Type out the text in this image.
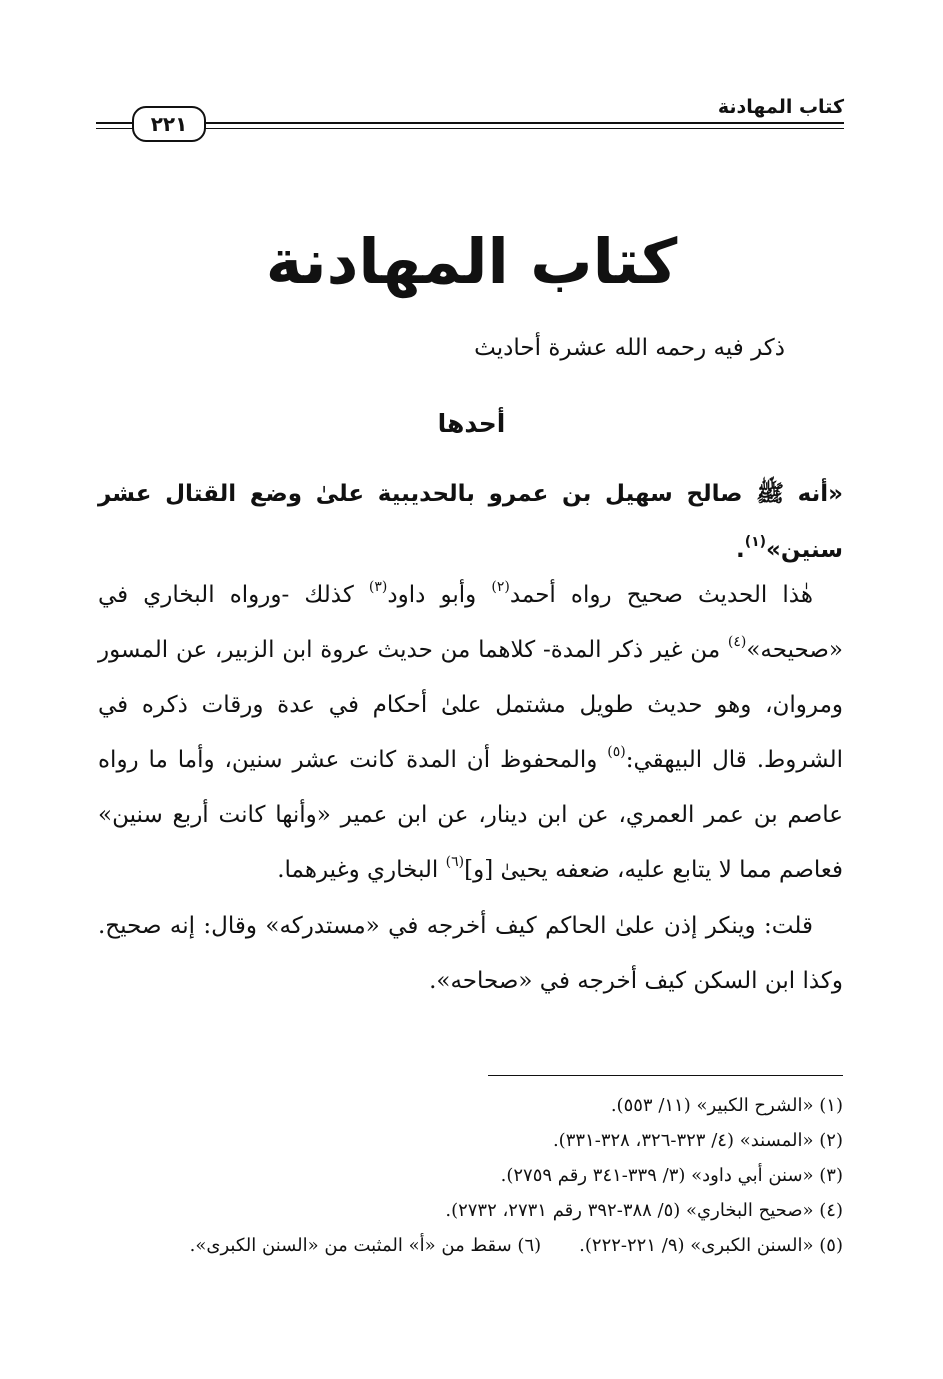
كتاب المهادنة
٢٢١
كتاب المهادنة
ذكر فيه رحمه الله عشرة أحاديث
أحدها
«أنه ﷺ صالح سهيل بن عمرو بالحديبية علىٰ وضع القتال عشر سنين»$^{(١)}$.

هٰذا الحديث صحيح رواه أحمد$^{(٢)}$ وأبو داود$^{(٣)}$ كذلك -ورواه البخاري في «صحيحه»$^{(٤)}$ من غير ذكر المدة- كلاهما من حديث عروة ابن الزبير، عن المسور ومروان، وهو حديث طويل مشتمل علىٰ أحكام في عدة ورقات ذكره في الشروط. قال البيهقي:$^{(٥)}$ والمحفوظ أن المدة كانت عشر سنين، وأما ما رواه عاصم بن عمر العمري، عن ابن دينار، عن ابن عمير «وأنها كانت أربع سنين» فعاصم مما لا يتابع عليه، ضعفه يحيىٰ [و]$^{(٦)}$ البخاري وغيرهما.

قلت: وينكر إذن علىٰ الحاكم كيف أخرجه في «مستدركه» وقال: إنه صحيح. وكذا ابن السكن كيف أخرجه في «صحاحه».

(١) «الشرح الكبير» (١١/ ٥٥٣).
(٢) «المسند» (٤/ ٣٢٣-٣٢٦، ٣٢٨-٣٣١).
(٣) «سنن أبي داود» (٣/ ٣٣٩-٣٤١ رقم ٢٧٥٩).
(٤) «صحيح البخاري» (٥/ ٣٨٨-٣٩٢ رقم ٢٧٣١، ٢٧٣٢).
(٥) «السنن الكبرى» (٩/ ٢٢١-٢٢٢).(٦) سقط من «أ» المثبت من «السنن الكبرى».
